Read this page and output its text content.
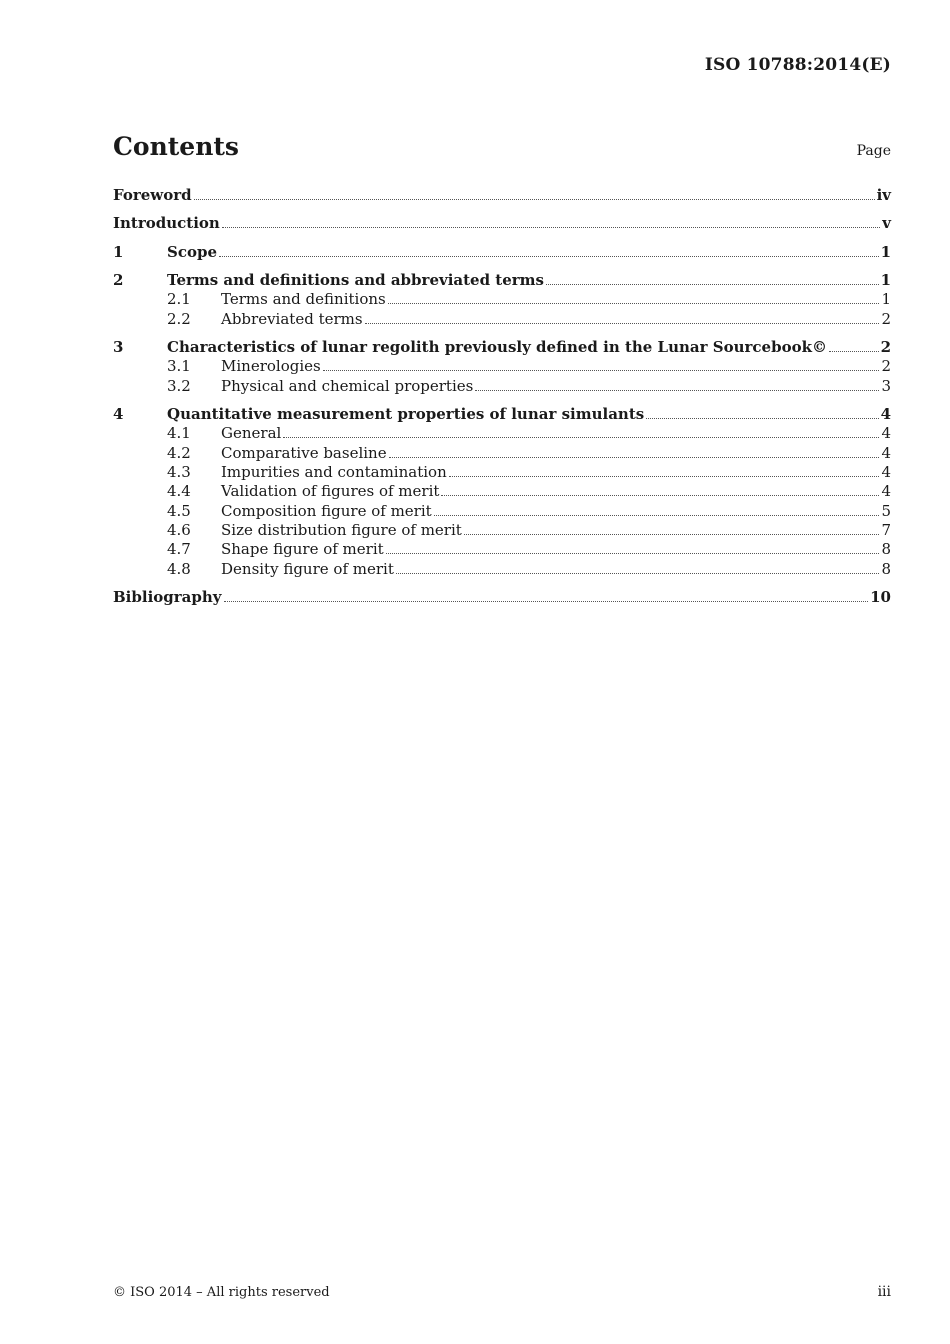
ISO 10788:2014(E)
Contents	Page
Foreword	iv
Introduction	v
1	Scope	1
2	Terms and definitions and abbreviated terms	1
2.1	Terms and definitions	1
2.2	Abbreviated terms	2
3	Characteristics of lunar regolith previously defined in the Lunar Sourcebook©	2
3.1	Minerologies	2
3.2	Physical and chemical properties	3
4	Quantitative measurement properties of lunar simulants	4
4.1	General	4
4.2	Comparative baseline	4
4.3	Impurities and contamination	4
4.4	Validation of figures of merit	4
4.5	Composition figure of merit	5
4.6	Size distribution figure of merit	7
4.7	Shape figure of merit	8
4.8	Density figure of merit	8
Bibliography	10
© ISO 2014 – All rights reserved	iii
